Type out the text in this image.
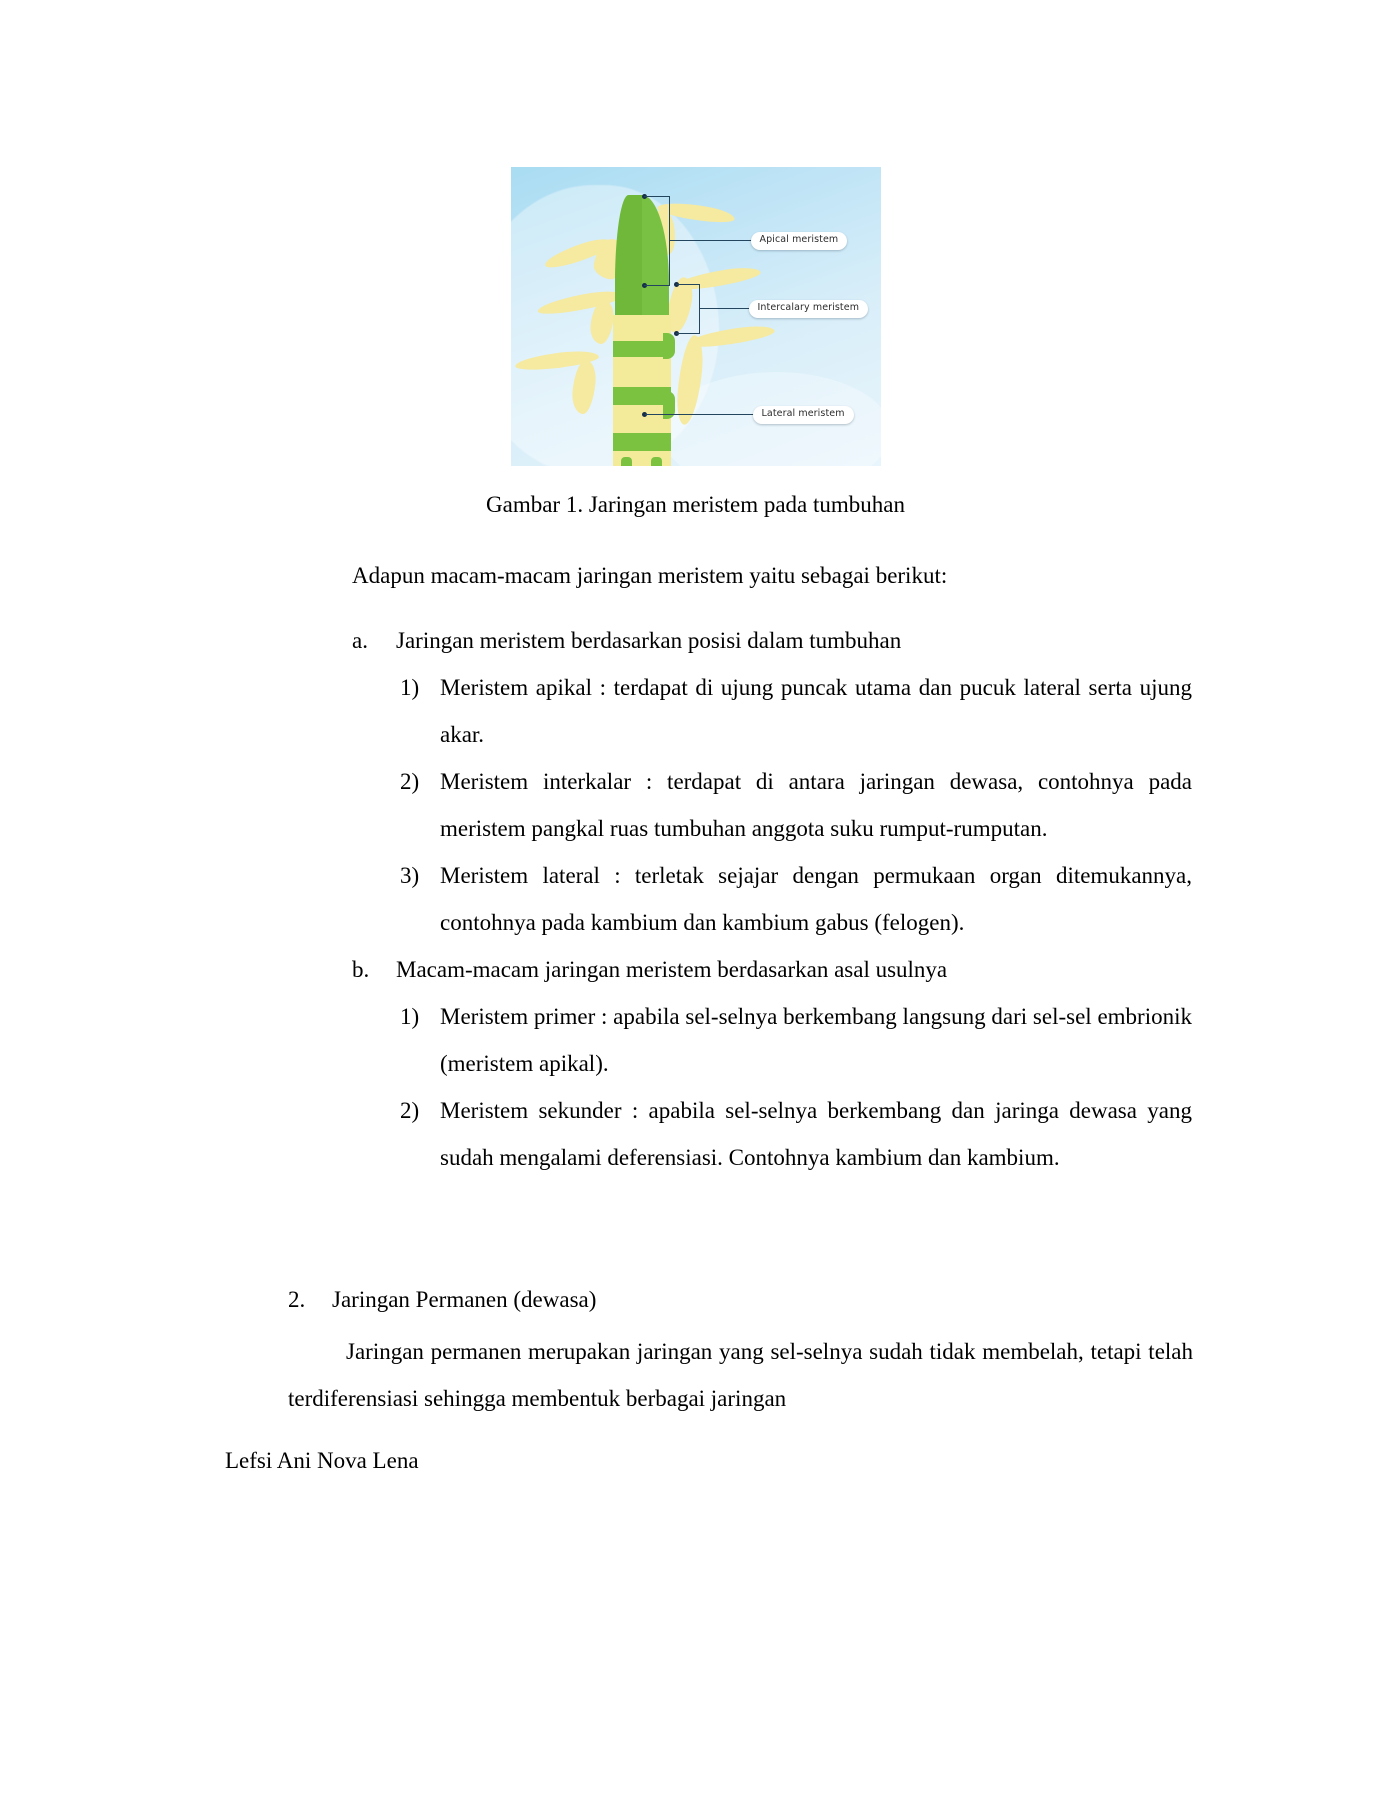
Apical meristem
Intercalary meristem
Lateral meristem
Gambar 1. Jaringan meristem pada tumbuhan
Adapun macam-macam jaringan meristem yaitu sebagai berikut:
a.	Jaringan meristem berdasarkan posisi dalam tumbuhan
1) Meristem apikal : terdapat di ujung puncak utama dan pucuk lateral serta ujung akar.
2) Meristem interkalar : terdapat di antara jaringan dewasa, contohnya pada meristem pangkal ruas tumbuhan anggota suku rumput-rumputan.
3) Meristem lateral : terletak sejajar dengan permukaan organ ditemukannya, contohnya pada kambium dan kambium gabus (felogen).
b.	Macam-macam jaringan meristem berdasarkan asal usulnya
1) Meristem primer : apabila sel-selnya berkembang langsung dari sel-sel embrionik (meristem apikal).
2) Meristem sekunder : apabila sel-selnya berkembang dan jaringa dewasa yang sudah mengalami deferensiasi. Contohnya kambium dan kambium.
2.	Jaringan Permanen (dewasa)
Jaringan permanen merupakan jaringan yang sel-selnya sudah tidak membelah, tetapi telah terdiferensiasi sehingga membentuk berbagai jaringan
Lefsi Ani Nova Lena
